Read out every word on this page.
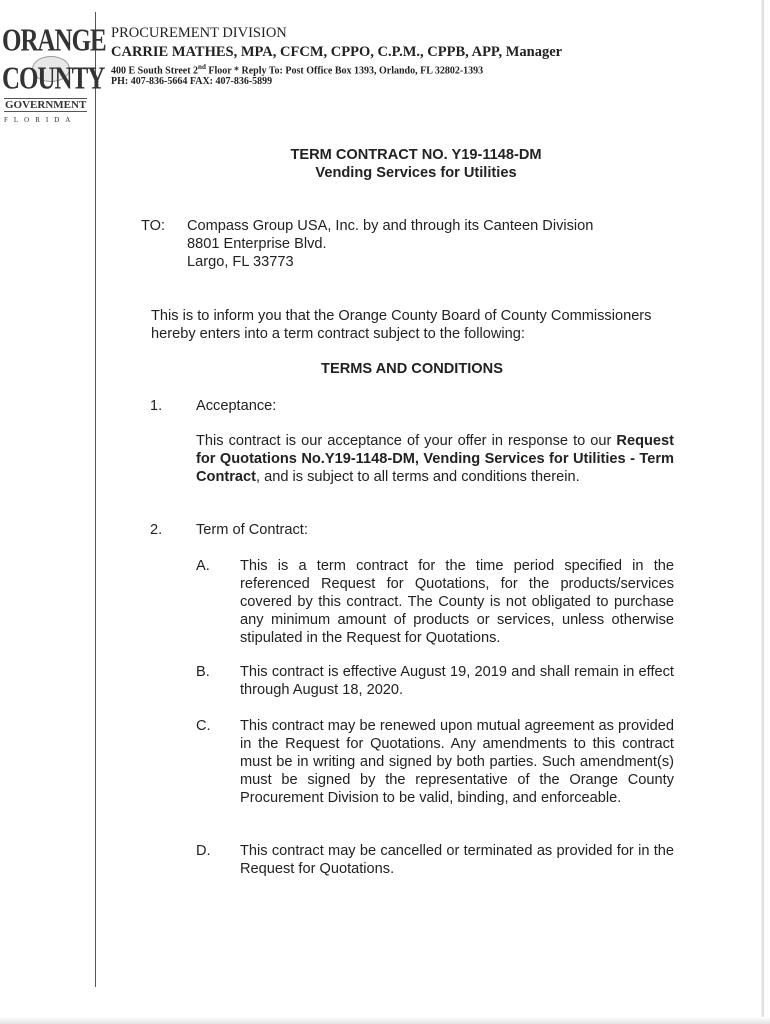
ORANGE
COUNTY
GOVERNMENT
FLORIDA
PROCUREMENT DIVISION
CARRIE MATHES, MPA, CFCM, CPPO, C.P.M., CPPB, APP, Manager
400 E South Street 2nd Floor * Reply To: Post Office Box 1393, Orlando, FL 32802-1393
PH: 407-836-5664 FAX: 407-836-5899
TERM CONTRACT NO. Y19-1148-DM
Vending Services for Utilities
TO: Compass Group USA, Inc. by and through its Canteen Division
8801 Enterprise Blvd.
Largo, FL 33773
This is to inform you that the Orange County Board of County Commissioners
hereby enters into a term contract subject to the following:
TERMS AND CONDITIONS
1. Acceptance:
This contract is our acceptance of your offer in response to our Request for Quotations No.Y19-1148-DM, Vending Services for Utilities - Term Contract, and is subject to all terms and conditions therein.
2. Term of Contract:
A. This is a term contract for the time period specified in the referenced Request for Quotations, for the products/services covered by this contract. The County is not obligated to purchase any minimum amount of products or services, unless otherwise stipulated in the Request for Quotations.
B. This contract is effective August 19, 2019 and shall remain in effect through August 18, 2020.
C. This contract may be renewed upon mutual agreement as provided in the Request for Quotations. Any amendments to this contract must be in writing and signed by both parties. Such amendment(s) must be signed by the representative of the Orange County Procurement Division to be valid, binding, and enforceable.
D. This contract may be cancelled or terminated as provided for in the Request for Quotations.
